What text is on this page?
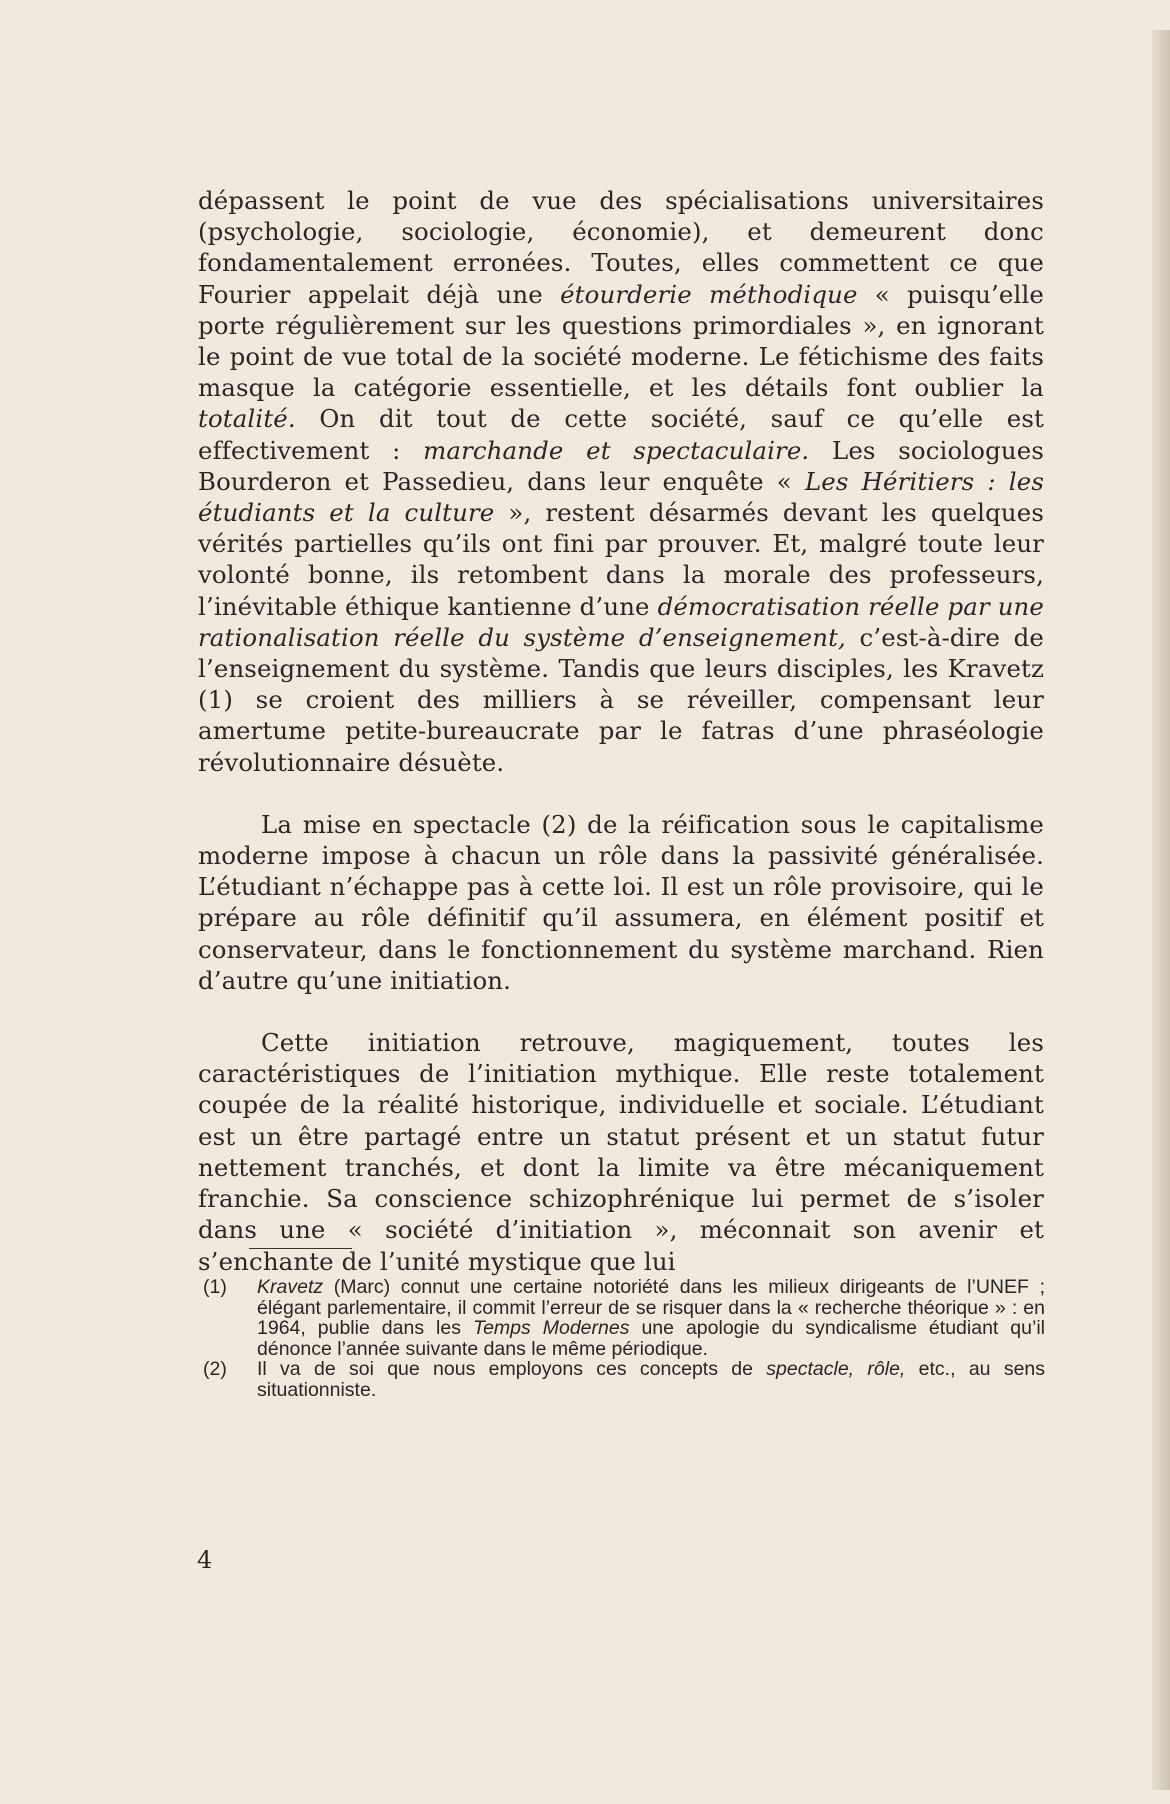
dépassent le point de vue des spécialisations universitaires (psychologie, sociologie, économie), et demeurent donc fondamentalement erronées. Toutes, elles commettent ce que Fourier appelait déjà une étourderie méthodique « puisqu’elle porte régulièrement sur les questions primordiales », en ignorant le point de vue total de la société moderne. Le fétichisme des faits masque la catégorie essentielle, et les détails font oublier la totalité. On dit tout de cette société, sauf ce qu’elle est effectivement : marchande et spectaculaire. Les sociologues Bourderon et Passedieu, dans leur enquête « Les Héritiers : les étudiants et la culture », restent désarmés devant les quelques vérités partielles qu’ils ont fini par prouver. Et, malgré toute leur volonté bonne, ils retombent dans la morale des professeurs, l’inévitable éthique kantienne d’une démocratisation réelle par une rationalisation réelle du système d’enseignement, c’est-à-dire de l’enseignement du système. Tandis que leurs disciples, les Kravetz (1) se croient des milliers à se réveiller, compensant leur amertume petite-bureaucrate par le fatras d’une phraséologie révolutionnaire désuète.

La mise en spectacle (2) de la réification sous le capitalisme moderne impose à chacun un rôle dans la passivité généralisée. L’étudiant n’échappe pas à cette loi. Il est un rôle provisoire, qui le prépare au rôle définitif qu’il assumera, en élément positif et conservateur, dans le fonctionnement du système marchand. Rien d’autre qu’une initiation.

Cette initiation retrouve, magiquement, toutes les caractéristiques de l’initiation mythique. Elle reste totalement coupée de la réalité historique, individuelle et sociale. L’étudiant est un être partagé entre un statut présent et un statut futur nettement tranchés, et dont la limite va être mécaniquement franchie. Sa conscience schizophrénique lui permet de s’isoler dans une « société d’initiation », méconnait son avenir et s’enchante de l’unité mystique que lui

(1) Kravetz (Marc) connut une certaine notoriété dans les milieux dirigeants de l’UNEF ; élégant parlementaire, il commit l’erreur de se risquer dans la « recherche théorique » : en 1964, publie dans les Temps Modernes une apologie du syndicalisme étudiant qu’il dénonce l’année suivante dans le même périodique.
(2) Il va de soi que nous employons ces concepts de spectacle, rôle, etc., au sens situationniste.
4
